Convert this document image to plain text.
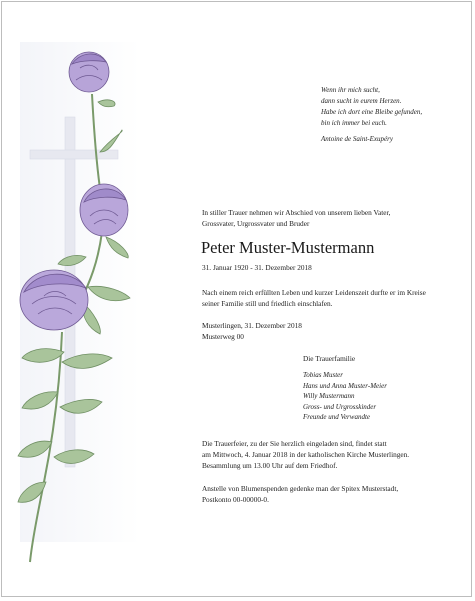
Wenn ihr mich sucht,

dann sucht in eurem Herzen.

Habe ich dort eine Bleibe gefunden,

bin ich immer bei euch.

Antoine de Saint-Exupéry

In stiller Trauer nehmen wir Abschied von unserem lieben Vater,

Grossvater, Urgrossvater und Bruder

Peter Muster-Mustermann
31. Januar 1920 - 31. Dezember 2018

Nach einem reich erfüllten Leben und kurzer Leidenszeit durfte er im Kreise

seiner Familie still und friedlich einschlafen.

Musterlingen, 31. Dezember 2018

Musterweg 00

Die Trauerfamilie

Tobias Muster

Hans und Anna Muster-Meier

Willy Mustermann

Gross- und Urgrosskinder

Freunde und Verwandte

Die Trauerfeier, zu der Sie herzlich eingeladen sind, findet statt

am Mittwoch, 4. Januar 2018 in der katholischen Kirche Musterlingen.

Besammlung um 13.00 Uhr auf dem Friedhof.

Anstelle von Blumenspenden gedenke man der Spitex Musterstadt,

Postkonto 00-00000-0.
